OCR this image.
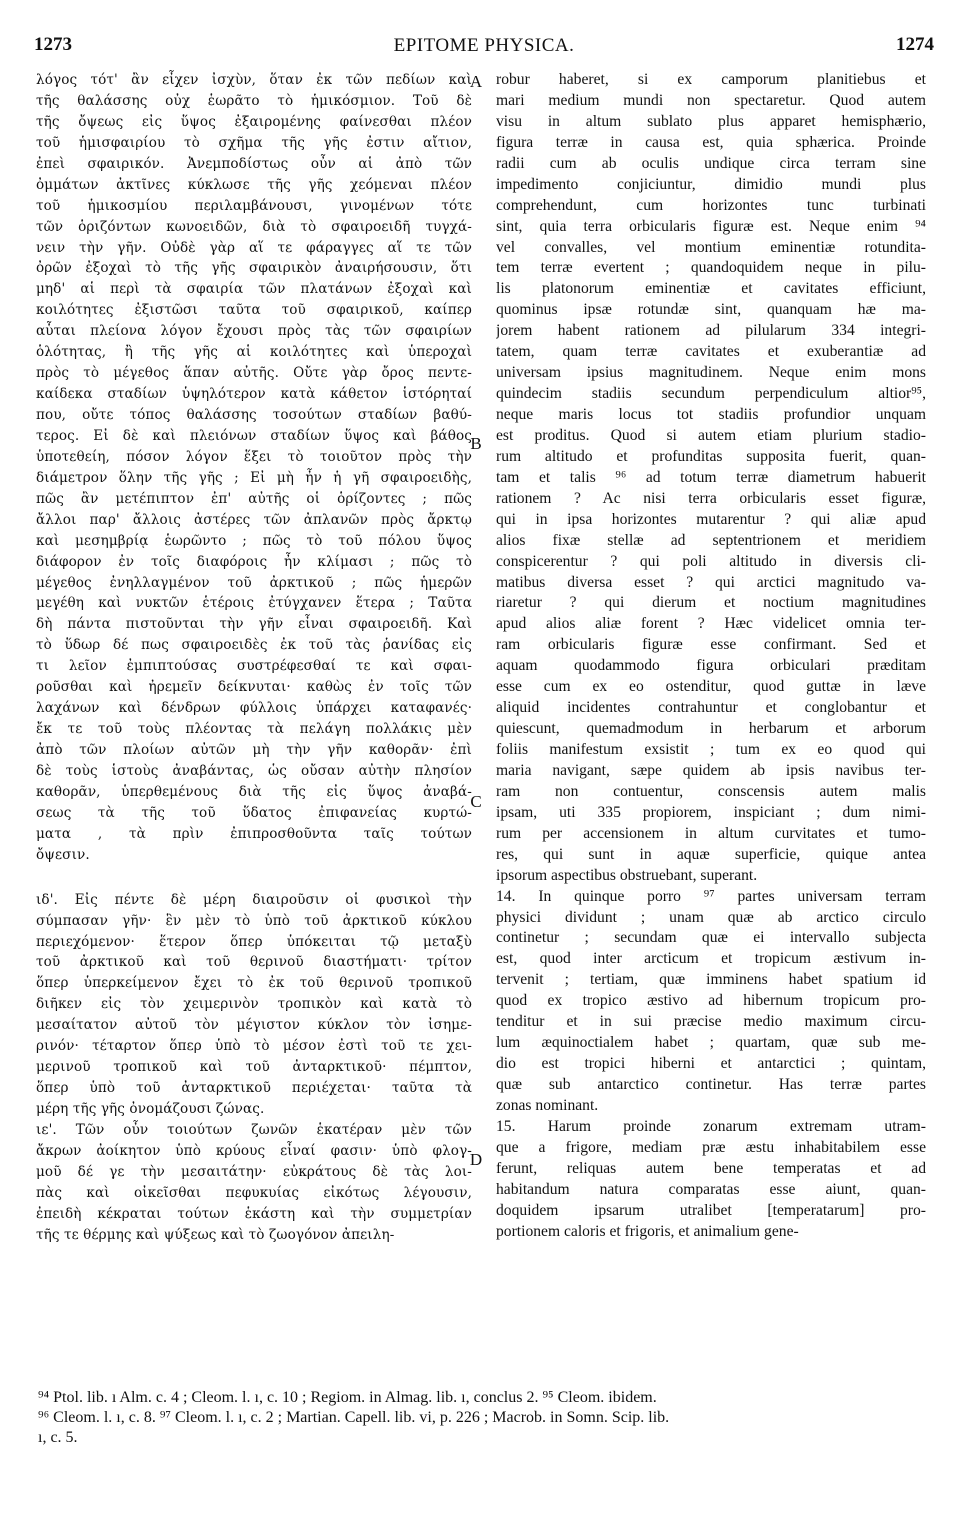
1273	EPITOME PHYSICA.	1274
λόγος τότ' ἂν εἶχεν ἰσχὺν, ὅταν ἐκ τῶν πεδίων καὶ
τῆς θαλάσσης οὐχ ἑωρᾶτο τὸ ἡμικόσμιον. Τοῦ δὲ
τῆς ὄψεως εἰς ὕψος ἐξαιρομένης φαίνεσθαι πλέον
τοῦ ἡμισφαιρίου τὸ σχῆμα τῆς γῆς ἐστιν αἴτιον,
ἐπεὶ σφαιρικόν. Ἀνεμποδίστως οὖν αἱ ἀπὸ τῶν
ὀμμάτων ἀκτῖνες κύκλωσε τῆς γῆς χεόμεναι πλέον
τοῦ ἡμικοσμίου περιλαμβάνουσι, γινομένων τότε
τῶν ὁριζόντων κωνοειδῶν, διὰ τὸ σφαιροειδῆ τυγχά-
νειν τὴν γῆν. Οὐδὲ γὰρ αἵ τε φάραγγες αἵ τε τῶν
ὀρῶν ἐξοχαὶ τὸ τῆς γῆς σφαιρικὸν ἀναιρήσουσιν, ὅτι
μηδ' αἱ περὶ τὰ σφαιρία τῶν πλατάνων ἐξοχαὶ καὶ
κοιλότητες ἐξιστῶσι ταῦτα τοῦ σφαιρικοῦ, καίπερ
αὗται πλείονα λόγον ἔχουσι πρὸς τὰς τῶν σφαιρίων
ὁλότητας, ἢ τῆς γῆς αἱ κοιλότητες καὶ ὑπεροχαὶ
πρὸς τὸ μέγεθος ἅπαν αὐτῆς. Οὔτε γὰρ ὄρος πεντε-
καίδεκα σταδίων ὑψηλότερον κατὰ κάθετον ἱστόρηταί
που, οὔτε τόπος θαλάσσης τοσούτων σταδίων βαθύ-
τερος. Εἰ δὲ καὶ πλειόνων σταδίων ὕψος καὶ βάθος
ὑποτεθείη, πόσον λόγον ἕξει τὸ τοιοῦτον πρὸς τὴν
διάμετρον ὅλην τῆς γῆς ; Εἰ μὴ ἦν ἡ γῆ σφαιροειδὴς,
πῶς ἂν μετέπιπτον ἐπ' αὐτῆς οἱ ὁρίζοντες ; πῶς
ἄλλοι παρ' ἄλλοις ἀστέρες τῶν ἀπλανῶν πρὸς ἄρκτῳ
καὶ μεσημβρίᾳ ἑωρῶντο ; πῶς τὸ τοῦ πόλου ὕψος
διάφορον ἐν τοῖς διαφόροις ἦν κλίμασι ; πῶς τὸ
μέγεθος ἐνηλλαγμένον τοῦ ἀρκτικοῦ ; πῶς ἡμερῶν
μεγέθη καὶ νυκτῶν ἑτέροις ἐτύγχανεν ἕτερα ; Ταῦτα
δὴ πάντα πιστοῦνται τὴν γῆν εἶναι σφαιροειδῆ. Καὶ
τὸ ὕδωρ δέ πως σφαιροειδὲς ἐκ τοῦ τὰς ῥανίδας εἰς
τι λεῖον ἐμπιπτούσας συστρέφεσθαί τε καὶ σφαι-
ροῦσθαι καὶ ἠρεμεῖν δείκνυται· καθὼς ἐν τοῖς τῶν
λαχάνων καὶ δένδρων φύλλοις ὑπάρχει καταφανές·
ἔκ τε τοῦ τοὺς πλέοντας τὰ πελάγη πολλάκις μὲν
ἀπὸ τῶν πλοίων αὐτῶν μὴ τὴν γῆν καθορᾶν· ἐπὶ
δὲ τοὺς ἱστοὺς ἀναβάντας, ὡς οὔσαν αὐτὴν πλησίον
καθορᾶν, ὑπερθεμένους διὰ τῆς εἰς ὕψος ἀναβά-
σεως τὰ τῆς τοῦ ὕδατος ἐπιφανείας κυρτώ-
ματα , τὰ πρὶν ἐπιπροσθοῦντα ταῖς τούτων
ὄψεσιν.
ιδ'. Εἰς πέντε δὲ μέρη διαιροῦσιν οἱ φυσικοὶ τὴν
σύμπασαν γῆν· ἓν μὲν τὸ ὑπὸ τοῦ ἀρκτικοῦ κύκλου
περιεχόμενον· ἕτερον ὅπερ ὑπόκειται τῷ μεταξὺ
τοῦ ἀρκτικοῦ καὶ τοῦ θερινοῦ διαστήματι· τρίτον
ὅπερ ὑπερκείμενον ἔχει τὸ ἐκ τοῦ θερινοῦ τροπικοῦ
διῆκεν εἰς τὸν χειμερινὸν τροπικὸν καὶ κατὰ τὸ
μεσαίτατον αὐτοῦ τὸν μέγιστον κύκλον τὸν ἰσημε-
ρινόν· τέταρτον ὅπερ ὑπὸ τὸ μέσον ἐστὶ τοῦ τε χει-
μερινοῦ τροπικοῦ καὶ τοῦ ἀνταρκτικοῦ· πέμπτον,
ὅπερ ὑπὸ τοῦ ἀνταρκτικοῦ περιέχεται· ταῦτα τὰ
μέρη τῆς γῆς ὀνομάζουσι ζώνας.
ιε'. Τῶν οὖν τοιούτων ζωνῶν ἑκατέραν μὲν τῶν
ἄκρων ἀοίκητον ὑπὸ κρύους εἶναί φασιν· ὑπὸ φλογ-
μοῦ δέ γε τὴν μεσαιτάτην· εὐκράτους δὲ τὰς λοι-
πὰς καὶ οἰκεῖσθαι πεφυκυίας εἰκότως λέγουσιν,
ἐπειδὴ κέκραται τούτων ἑκάστη καὶ τὴν συμμετρίαν
τῆς τε θέρμης καὶ ψύξεως καὶ τὸ ζωογόνον ἀπειλη-
robur haberet, si ex camporum planitiebus et
mari medium mundi non spectaretur. Quod autem
visu in altum sublato plus apparet hemisphærio,
figura terræ in causa est, quia sphærica. Proinde
radii cum ab oculis undique circa terram sine
impedimento conjiciuntur, dimidio mundi plus
comprehendunt, cum horizontes tunc turbinati
sint, quia terra orbicularis figuræ est. Neque enim ⁹⁴
vel convalles, vel montium eminentiæ rotundita-
tem terræ evertent ; quandoquidem neque in pilu-
lis platonorum eminentiæ et cavitates efficiunt,
quominus ipsæ rotundæ sint, quanquam hæ ma-
jorem habent rationem ad pilularum 334 integri-
tatem, quam terræ cavitates et exuberantiæ ad
universam ipsius magnitudinem. Neque enim mons
quindecim stadiis secundum perpendiculum altior⁹⁵,
neque maris locus tot stadiis profundior unquam
est proditus. Quod si autem etiam plurium stadio-
rum altitudo et profunditas supposita fuerit, quan-
tam et talis ⁹⁶ ad totum terræ diametrum habuerit
rationem ? Ac nisi terra orbicularis esset figuræ,
qui in ipsa horizontes mutarentur ? qui aliæ apud
alios fixæ stellæ ad septentrionem et meridiem
conspicerentur ? qui poli altitudo in diversis cli-
matibus diversa esset ? qui arctici magnitudo va-
riaretur ? qui dierum et noctium magnitudines
apud alios aliæ forent ? Hæc videlicet omnia ter-
ram orbicularis figuræ esse confirmant. Sed et
aquam quodammodo figura orbiculari præditam
esse cum ex eo ostenditur, quod guttæ in læve
aliquid incidentes contrahuntur et conglobantur et
quiescunt, quemadmodum in herbarum et arborum
foliis manifestum exsistit ; tum ex eo quod qui
maria navigant, sæpe quidem ab ipsis navibus ter-
ram non contuentur, conscensis autem malis
ipsam, uti 335 propiorem, inspiciant ; dum nimi-
rum per accensionem in altum curvitates et tumo-
res, qui sunt in aquæ superficie, quique antea
ipsorum aspectibus obstruebant, superant.
14. In quinque porro ⁹⁷ partes universam terram
physici dividunt ; unam quæ ab arctico circulo
continetur ; secundam quæ ei intervallo subjecta
est, quod inter arcticum et tropicum æstivum in-
tervenit ; tertiam, quæ imminens habet spatium id
quod ex tropico æstivo ad hibernum tropicum pro-
tenditur et in sui præcise medio maximum circu-
lum æquinoctialem habet ; quartam, quæ sub me-
dio est tropici hiberni et antarctici ; quintam,
quæ sub antarctico continetur. Has terræ partes
zonas nominant.
15. Harum proinde zonarum extremam utram-
que a frigore, mediam præ æstu inhabitabilem esse
ferunt, reliquas autem bene temperatas et ad
habitandum natura comparatas esse aiunt, quan-
doquidem ipsarum utralibet [temperatarum] pro-
portionem caloris et frigoris, et animalium gene-
A
B
C
D
⁹⁴ Ptol. lib. ı Alm. c. 4 ; Cleom. l. ı, c. 10 ; Regiom. in Almag. lib. ı, conclus 2. ⁹⁵ Cleom. ibidem.
⁹⁶ Cleom. l. ı, c. 8. ⁹⁷ Cleom. l. ı, c. 2 ; Martian. Capell. lib. vi, p. 226 ; Macrob. in Somn. Scip. lib.
ı, c. 5.
